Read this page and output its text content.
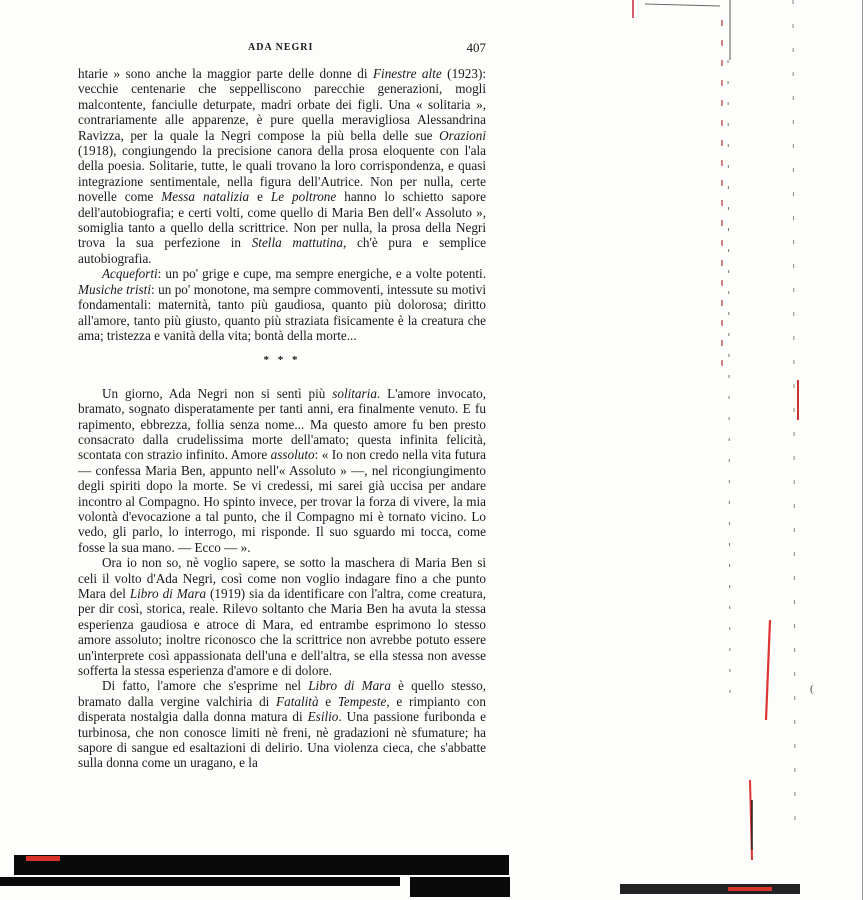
ADA NEGRI	407

htarie » sono anche la maggior parte delle donne di Finestre alte (1923): vecchie centenarie che seppelliscono parecchie generazioni, mogli malcontente, fanciulle deturpate, madri orbate dei figli. Una « solitaria », contrariamente alle apparenze, è pure quella meravigliosa Alessandrina Ravizza, per la quale la Negri compose la più bella delle sue Orazioni (1918), congiungendo la precisione canora della prosa eloquente con l'ala della poesia. Solitarie, tutte, le quali trovano la loro corrispondenza, e quasi integrazione sentimentale, nella figura dell'Autrice. Non per nulla, certe novelle come Messa natalizia e Le poltrone hanno lo schietto sapore dell'autobiografia; e certi volti, come quello di Maria Ben dell'« Assoluto », somiglia tanto a quello della scrittrice. Non per nulla, la prosa della Negri trova la sua perfezione in Stella mattutina, ch'è pura e semplice autobiografia.

Acqueforti: un po' grige e cupe, ma sempre energiche, e a volte potenti. Musiche tristi: un po' monotone, ma sempre commoventi, intessute su motivi fondamentali: maternità, tanto più gaudiosa, quanto più dolorosa; diritto all'amore, tanto più giusto, quanto più straziata fisicamente è la creatura che ama; tristezza e vanità della vita; bontà della morte...

* * *

Un giorno, Ada Negri non si sentì più solitaria. L'amore invocato, bramato, sognato disperatamente per tanti anni, era finalmente venuto. E fu rapimento, ebbrezza, follia senza nome... Ma questo amore fu ben presto consacrato dalla crudelissima morte dell'amato; questa infinita felicità, scontata con strazio infinito. Amore assoluto: « Io non credo nella vita futura — confessa Maria Ben, appunto nell'« Assoluto » —, nel ricongiungimento degli spiriti dopo la morte. Se vi credessi, mi sarei già uccisa per andare incontro al Compagno. Ho spinto invece, per trovar la forza di vivere, la mia volontà d'evocazione a tal punto, che il Compagno mi è tornato vicino. Lo vedo, gli parlo, lo interrogo, mi risponde. Il suo sguardo mi tocca, come fosse la sua mano. — Ecco — ».

Ora io non so, nè voglio sapere, se sotto la maschera di Maria Ben si celi il volto d'Ada Negri, così come non voglio indagare fino a che punto Mara del Libro di Mara (1919) sia da identificare con l'altra, come creatura, per dir così, storica, reale. Rilevo soltanto che Maria Ben ha avuta la stessa esperienza gaudiosa e atroce di Mara, ed entrambe esprimono lo stesso amore assoluto; inoltre riconosco che la scrittrice non avrebbe potuto essere un'interprete così appassionata dell'una e dell'altra, se ella stessa non avesse sofferta la stessa esperienza d'amore e di dolore.

Di fatto, l'amore che s'esprime nel Libro di Mara è quello stesso, bramato dalla vergine valchiria di Fatalità e Tempeste, e rimpianto con disperata nostalgia dalla donna matura di Esilio. Una passione furibonda e turbinosa, che non conosce limiti nè freni, nè gradazioni nè sfumature; ha sapore di sangue ed esaltazioni di delirio. Una violenza cieca, che s'abbatte sulla donna come un uragano, e la

(
